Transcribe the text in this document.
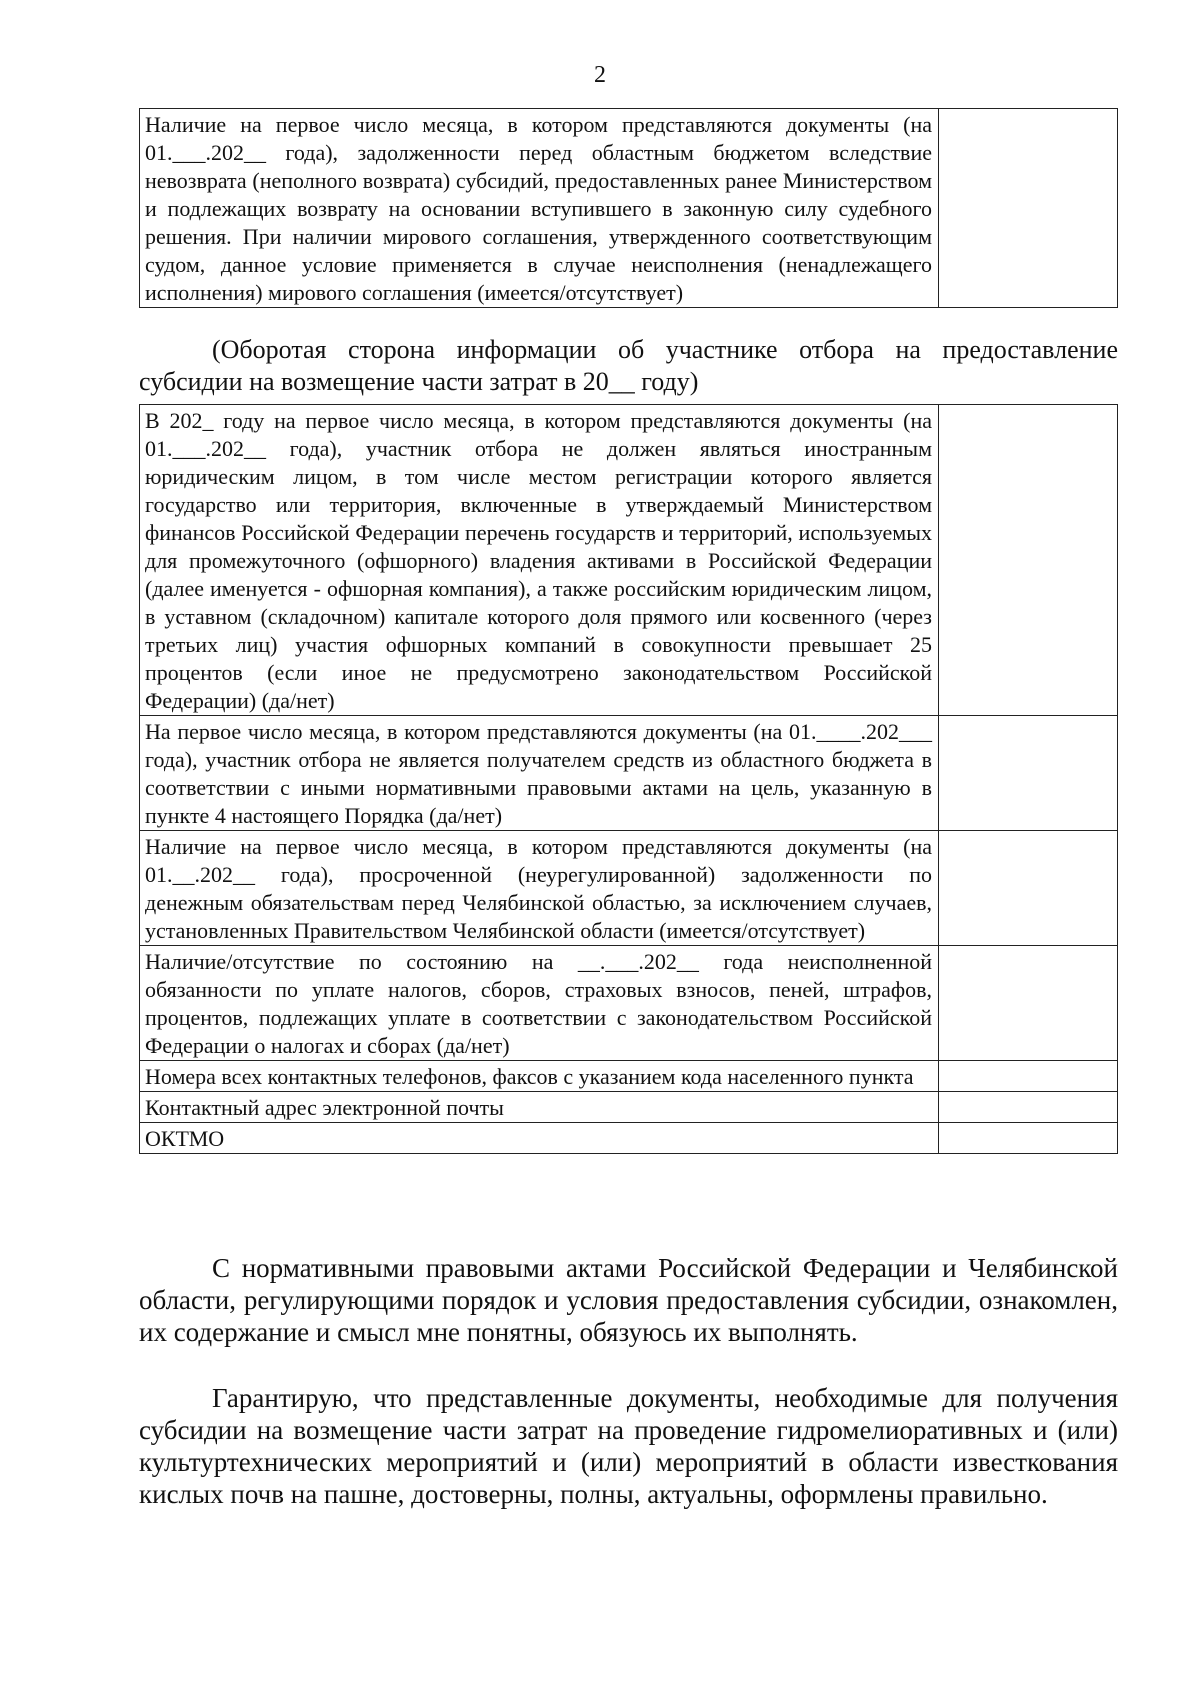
2
Наличие на первое число месяца, в котором представляются документы (на 01.___.202__ года), задолженности перед областным бюджетом вследствие невозврата (неполного возврата) субсидий, предоставленных ранее Министерством и подлежащих возврату на основании вступившего в законную силу судебного решения. При наличии мирового соглашения, утвержденного соответствующим судом, данное условие применяется в случае неисполнения (ненадлежащего исполнения) мирового соглашения (имеется/отсутствует)	
(Оборотая сторона информации об участнике отбора на предоставление
субсидии на возмещение части затрат в 20__ году)
В 202_ году на первое число месяца, в котором представляются документы (на 01.___.202__ года), участник отбора не должен являться иностранным юридическим лицом, в том числе местом регистрации которого является государство или территория, включенные в утверждаемый Министерством финансов Российской Федерации перечень государств и территорий, используемых для промежуточного (офшорного) владения активами в Российской Федерации (далее именуется - офшорная компания), а также российским юридическим лицом, в уставном (складочном) капитале которого доля прямого или косвенного (через третьих лиц) участия офшорных компаний в совокупности превышает 25 процентов (если иное не предусмотрено законодательством Российской Федерации) (да/нет)	
На первое число месяца, в котором представляются документы (на 01.____.202___ года), участник отбора не является получателем средств из областного бюджета в соответствии с иными нормативными правовыми актами на цель, указанную в пункте 4 настоящего Порядка (да/нет)	
Наличие на первое число месяца, в котором представляются документы (на 01.__.202__ года), просроченной (неурегулированной) задолженности по денежным обязательствам перед Челябинской областью, за исключением случаев, установленных Правительством Челябинской области (имеется/отсутствует)	
Наличие/отсутствие по состоянию на __.___.202__ года неисполненной обязанности по уплате налогов, сборов, страховых взносов, пеней, штрафов, процентов, подлежащих уплате в соответствии с законодательством Российской Федерации о налогах и сборах (да/нет)	
Номера всех контактных телефонов, факсов с указанием кода населенного пункта	
Контактный адрес электронной почты	
ОКТМО	
С нормативными правовыми актами Российской Федерации и Челябинской области, регулирующими порядок и условия предоставления субсидии, ознакомлен, их содержание и смысл мне понятны, обязуюсь их выполнять.
Гарантирую, что представленные документы, необходимые для получения субсидии на возмещение части затрат на проведение гидромелиоративных и (или) культуртехнических мероприятий и (или) мероприятий в области известкования кислых почв на пашне, достоверны, полны, актуальны, оформлены правильно.
